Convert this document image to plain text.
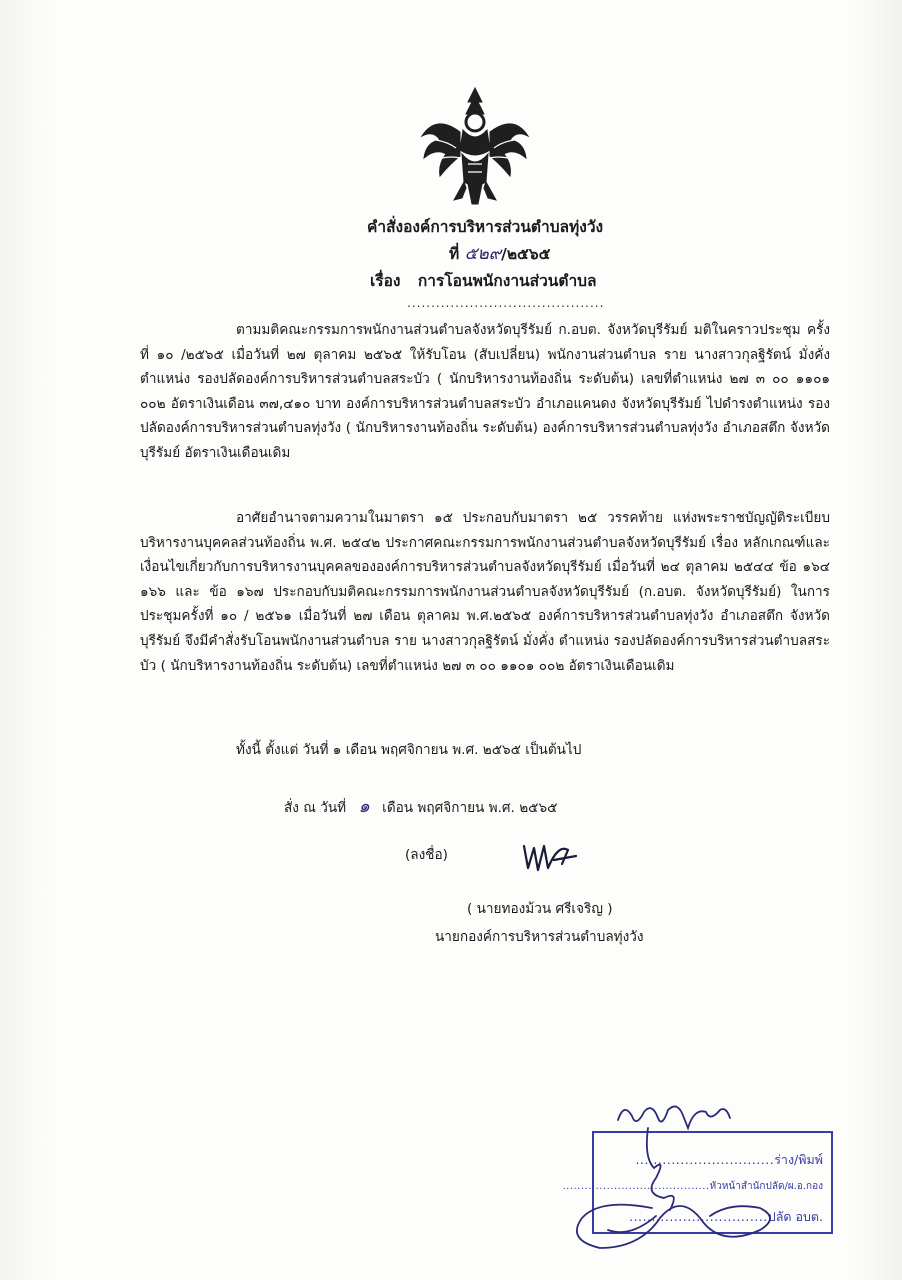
คำสั่งองค์การบริหารส่วนตำบลทุ่งวัง
ที่ ๕๒๙/๒๕๖๕
เรื่อง การโอนพนักงานส่วนตำบล
.........................................

ตามมติคณะกรรมการพนักงานส่วนตำบลจังหวัดบุรีรัมย์ ก.อบต. จังหวัดบุรีรัมย์ มติในคราวประชุม ครั้งที่ ๑๐ /๒๕๖๕ เมื่อวันที่ ๒๗ ตุลาคม ๒๕๖๕ ให้รับโอน (สับเปลี่ยน) พนักงานส่วนตำบล ราย นางสาวกุลฐิรัตน์ มั่งคั่ง ตำแหน่ง รองปลัดองค์การบริหารส่วนตำบลสระบัว ( นักบริหารงานท้องถิ่น ระดับต้น) เลขที่ตำแหน่ง ๒๗ ๓ ๐๐ ๑๑๐๑ ๐๐๒ อัตราเงินเดือน ๓๗,๔๑๐ บาท องค์การบริหารส่วนตำบลสระบัว อำเภอแคนดง จังหวัดบุรีรัมย์ ไปดำรงตำแหน่ง รองปลัดองค์การบริหารส่วนตำบลทุ่งวัง ( นักบริหารงานท้องถิ่น ระดับต้น) องค์การบริหารส่วนตำบลทุ่งวัง อำเภอสตึก จังหวัดบุรีรัมย์ อัตราเงินเดือนเดิม

อาศัยอำนาจตามความในมาตรา ๑๕ ประกอบกับมาตรา ๒๕ วรรคท้าย แห่งพระราชบัญญัติระเบียบบริหารงานบุคคลส่วนท้องถิ่น พ.ศ. ๒๕๔๒ ประกาศคณะกรรมการพนักงานส่วนตำบลจังหวัดบุรีรัมย์ เรื่อง หลักเกณฑ์และเงื่อนไขเกี่ยวกับการบริหารงานบุคคลขององค์การบริหารส่วนตำบลจังหวัดบุรีรัมย์ เมื่อวันที่ ๒๔ ตุลาคม ๒๕๔๔ ข้อ ๑๖๔ ๑๖๖ และ ข้อ ๑๖๗ ประกอบกับมติคณะกรรมการพนักงานส่วนตำบลจังหวัดบุรีรัมย์ (ก.อบต. จังหวัดบุรีรัมย์) ในการประชุมครั้งที่ ๑๐ / ๒๕๖๑ เมื่อวันที่ ๒๗ เดือน ตุลาคม พ.ศ.๒๕๖๕ องค์การบริหารส่วนตำบลทุ่งวัง อำเภอสตึก จังหวัดบุรีรัมย์ จึงมีคำสั่งรับโอนพนักงานส่วนตำบล ราย นางสาวกุลฐิรัตน์ มั่งคั่ง ตำแหน่ง รองปลัดองค์การบริหารส่วนตำบลสระบัว ( นักบริหารงานท้องถิ่น ระดับต้น) เลขที่ตำแหน่ง ๒๗ ๓ ๐๐ ๑๑๐๑ ๐๐๒ อัตราเงินเดือนเดิม

ทั้งนี้ ตั้งแต่ วันที่ ๑ เดือน พฤศจิกายน พ.ศ. ๒๕๖๕ เป็นต้นไป
สั่ง ณ วันที่ ๑ เดือน พฤศจิกายน พ.ศ. ๒๕๖๕
(ลงชื่อ)
( นายทองม้วน ศรีเจริญ )
นายกองค์การบริหารส่วนตำบลทุ่งวัง
...............................ร่าง/พิมพ์
........................................หัวหน้าสำนักปลัด/ผ.อ.กอง
...............................ปลัด อบต.
